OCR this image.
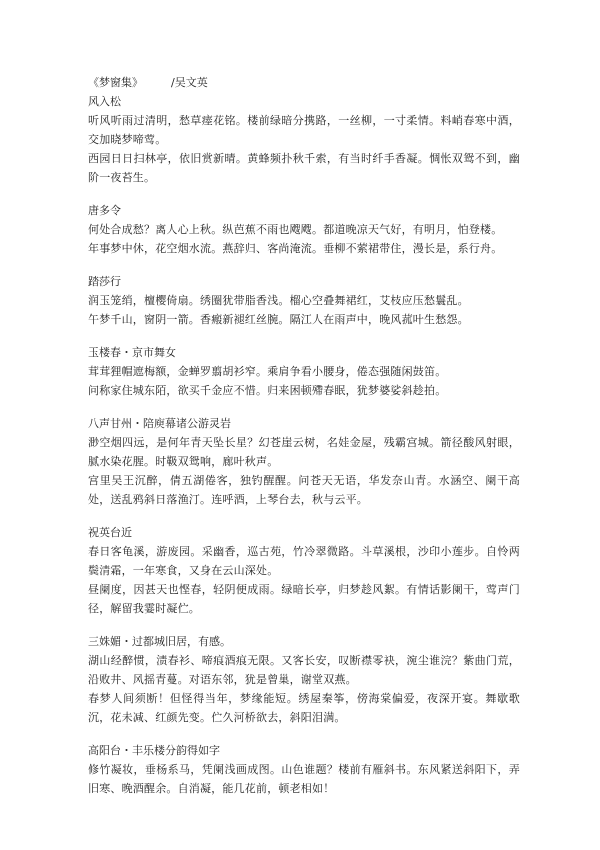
《梦窗集》	/吴文英
风入松

听风听雨过清明，愁草瘗花铭。楼前绿暗分携路，一丝柳，一寸柔情。料峭春寒中酒，交加晓梦啼莺。

西园日日扫林亭，依旧赏新晴。黄蜂频扑秋千索，有当时纤手香凝。惆怅双鸳不到，幽阶一夜苔生。

唐多令

何处合成愁？离人心上秋。纵芭蕉不雨也飕飕。都道晚凉天气好，有明月，怕登楼。

年事梦中休，花空烟水流。燕辞归、客尚淹流。垂柳不萦裙带住，漫长是，系行舟。

踏莎行

润玉笼绡，檀樱倚扇。绣圈犹带脂香浅。榴心空叠舞裙红，艾枝应压愁鬟乱。

午梦千山，窗阴一箭。香瘢新褪红丝腕。隔江人在雨声中，晚风菰叶生愁怨。

玉楼春・京市舞女

茸茸狸帽遮梅额，金蝉罗翦胡衫窄。乘肩争看小腰身，倦态强随闲鼓笛。

问称家住城东陌，欲买千金应不惜。归来困顿殢春眠，犹梦婆娑斜趁拍。

八声甘州・陪庾幕诸公游灵岩

渺空烟四远，是何年青天坠长星？幻苍崖云树，名娃金屋，残霸宫城。箭径酸风射眼，腻水染花腥。时靸双鸳响，廊叶秋声。

宫里吴王沉醉，倩五湖倦客，独钓醒醒。问苍天无语，华发奈山青。水涵空、阑干高处，送乱鸦斜日落渔汀。连呼酒，上琴台去，秋与云平。

祝英台近

春日客龟溪，游废园。采幽香，巡古苑，竹冷翠微路。斗草溪根，沙印小莲步。自怜两鬓清霜，一年寒食，又身在云山深处。

昼阑度，因甚天也悭春，轻阴便成雨。绿暗长亭，归梦趁风絮。有情话影阑干，莺声门径，解留我霎时凝伫。

三姝媚・过都城旧居，有感。

湖山经醉惯，渍春衫、啼痕酒痕无限。又客长安，叹断襟零袂，涴尘谁浣？紫曲门荒，沿败井、风摇青蔓。对语东邻，犹是曾巢，谢堂双燕。

春梦人间须断！但怪得当年，梦缘能短。绣屋秦筝，傍海棠偏爱，夜深开宴。舞歇歌沉，花未减、红颜先变。伫久河桥欲去，斜阳泪满。

高阳台・丰乐楼分韵得如字

修竹凝妆，垂杨系马，凭阑浅画成图。山色谁题？楼前有雁斜书。东风紧送斜阳下，弄旧寒、晚酒醒余。自消凝，能几花前，顿老相如！
